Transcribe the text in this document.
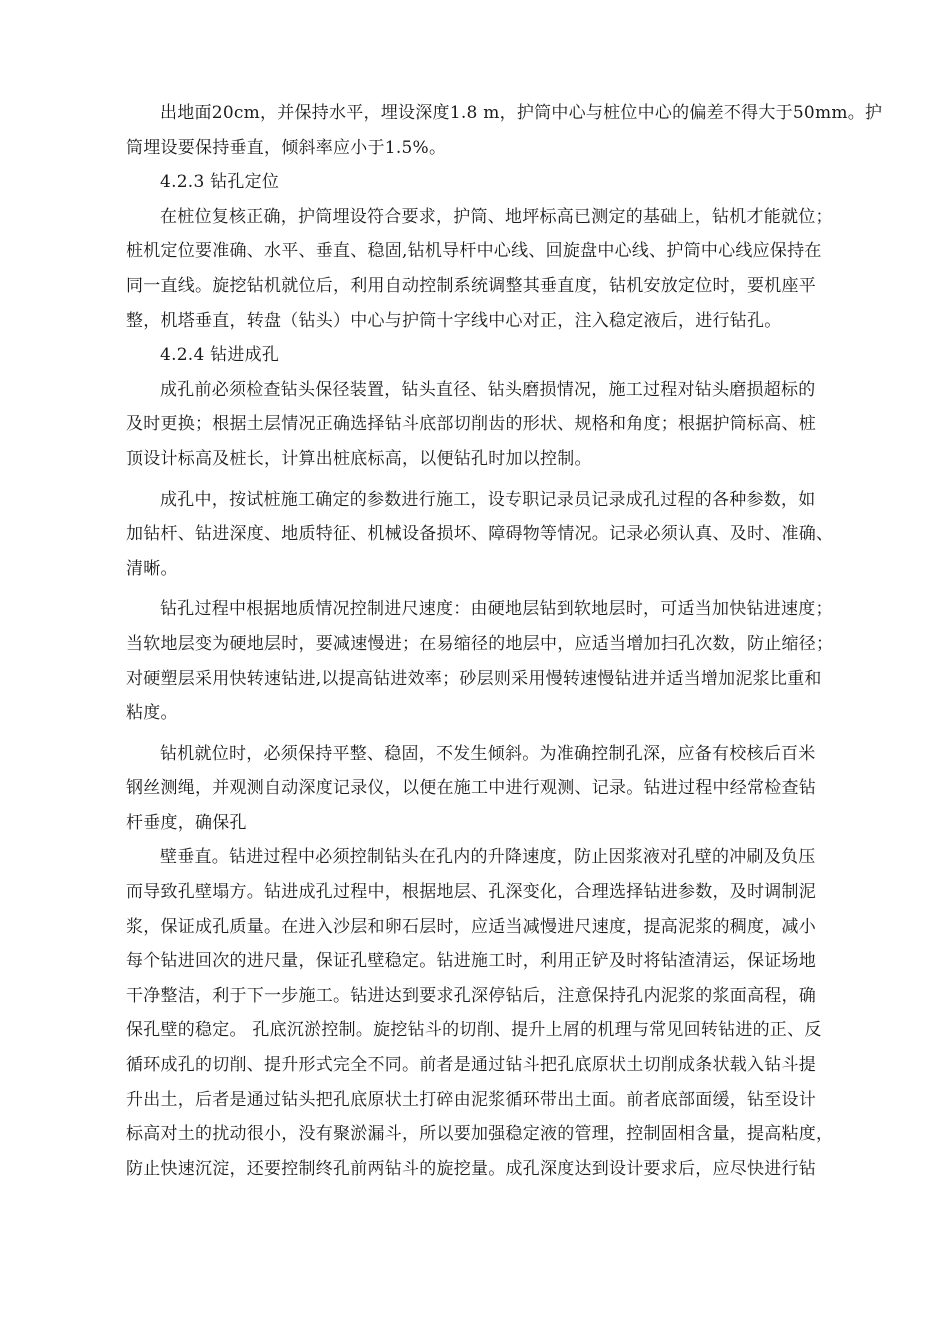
出地面20cm，并保持水平，埋设深度1.8 m，护筒中心与桩位中心的偏差不得大于50mm。护
筒埋设要保持垂直，倾斜率应小于1.5%。
4.2.3 钻孔定位
在桩位复核正确，护筒埋设符合要求，护筒、地坪标高已测定的基础上，钻机才能就位；
桩机定位要准确、水平、垂直、稳固,钻机导杆中心线、回旋盘中心线、护筒中心线应保持在
同一直线。旋挖钻机就位后，利用自动控制系统调整其垂直度，钻机安放定位时，要机座平
整，机塔垂直，转盘（钻头）中心与护筒十字线中心对正，注入稳定液后，进行钻孔。
4.2.4 钻进成孔
成孔前必须检查钻头保径装置，钻头直径、钻头磨损情况，施工过程对钻头磨损超标的
及时更换；根据土层情况正确选择钻斗底部切削齿的形状、规格和角度；根据护筒标高、桩
顶设计标高及桩长，计算出桩底标高，以便钻孔时加以控制。
成孔中，按试桩施工确定的参数进行施工，设专职记录员记录成孔过程的各种参数，如
加钻杆、钻进深度、地质特征、机械设备损坏、障碍物等情况。记录必须认真、及时、准确、
清晰。
钻孔过程中根据地质情况控制进尺速度：由硬地层钻到软地层时，可适当加快钻进速度；
当软地层变为硬地层时，要减速慢进；在易缩径的地层中，应适当增加扫孔次数，防止缩径；
对硬塑层采用快转速钻进,以提高钻进效率；砂层则采用慢转速慢钻进并适当增加泥浆比重和
粘度。
钻机就位时，必须保持平整、稳固，不发生倾斜。为准确控制孔深，应备有校核后百米
钢丝测绳，并观测自动深度记录仪，以便在施工中进行观测、记录。钻进过程中经常检查钻
杆垂度，确保孔
壁垂直。钻进过程中必须控制钻头在孔内的升降速度，防止因浆液对孔壁的冲刷及负压
而导致孔壁塌方。钻进成孔过程中，根据地层、孔深变化，合理选择钻进参数，及时调制泥
浆，保证成孔质量。在进入沙层和卵石层时，应适当减慢进尺速度，提高泥浆的稠度，减小
每个钻进回次的进尺量，保证孔壁稳定。钻进施工时，利用正铲及时将钻渣清运，保证场地
干净整洁，利于下一步施工。钻进达到要求孔深停钻后，注意保持孔内泥浆的浆面高程，确
保孔壁的稳定。 孔底沉淤控制。旋挖钻斗的切削、提升上屑的机理与常见回转钻进的正、反
循环成孔的切削、提升形式完全不同。前者是通过钻斗把孔底原状土切削成条状载入钻斗提
升出土，后者是通过钻头把孔底原状土打碎由泥浆循环带出土面。前者底部面缓，钻至设计
标高对土的扰动很小，没有聚淤漏斗，所以要加强稳定液的管理，控制固相含量，提高粘度，
防止快速沉淀，还要控制终孔前两钻斗的旋挖量。成孔深度达到设计要求后，应尽快进行钻
